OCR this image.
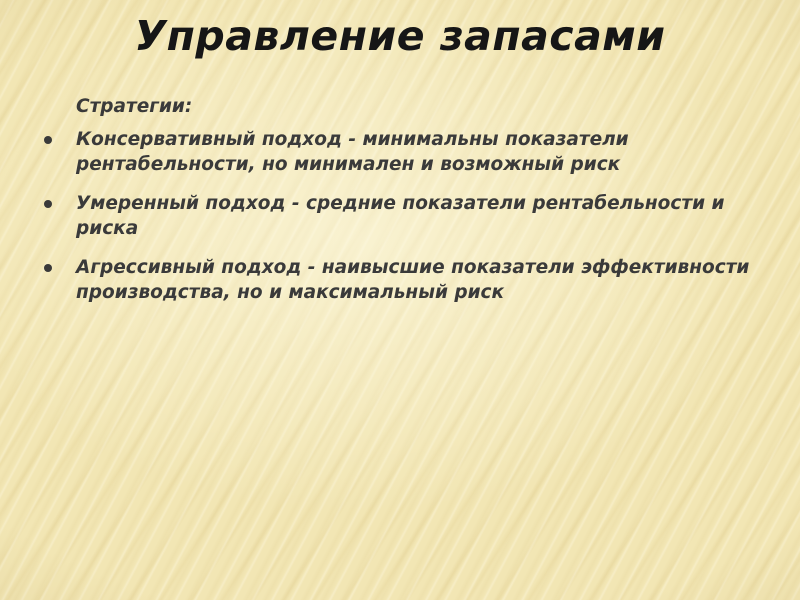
Управление запасами
Стратегии:
Консервативный подход - минимальны показатели рентабельности, но минимален и возможный риск
Умеренный подход - средние показатели рентабельности и риска
Агрессивный подход - наивысшие показатели эффективности производства, но и максимальный риск
